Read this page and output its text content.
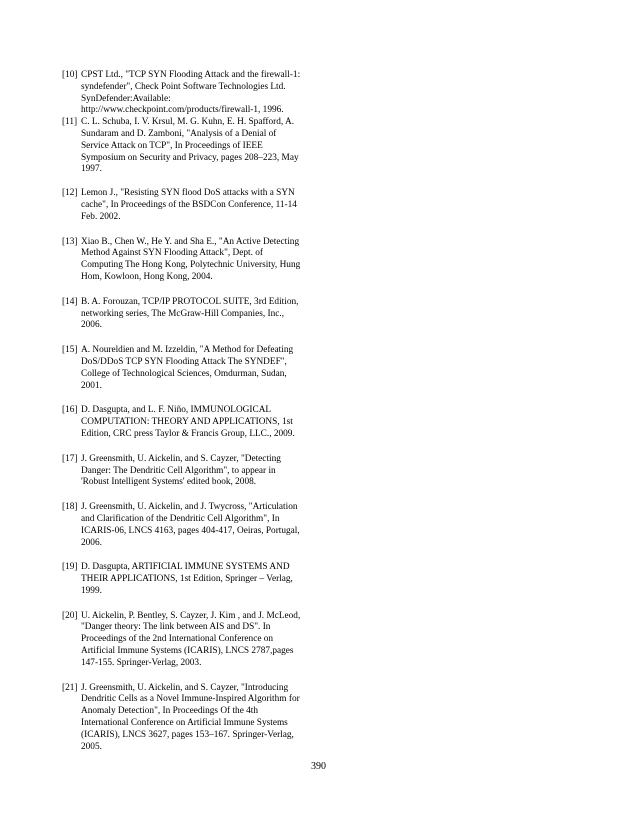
[10] CPST Ltd., "TCP SYN Flooding Attack and the firewall-1:
syndefender", Check Point Software Technologies Ltd.
SynDefender:Available:
http://www.checkpoint.com/products/firewall-1, 1996.
[11] C. L. Schuba, I. V. Krsul, M. G. Kuhn, E. H. Spafford, A.
Sundaram and D. Zamboni, "Analysis of a Denial of
Service Attack on TCP", In Proceedings of IEEE
Symposium on Security and Privacy, pages 208–223, May
1997.
[12] Lemon J., "Resisting SYN flood DoS attacks with a SYN
cache", In Proceedings of the BSDCon Conference, 11-14
Feb. 2002.
[13] Xiao B., Chen W., He Y. and Sha E., "An Active Detecting
Method Against SYN Flooding Attack", Dept. of
Computing The Hong Kong, Polytechnic University, Hung
Hom, Kowloon, Hong Kong, 2004.
[14] B. A. Forouzan, TCP/IP PROTOCOL SUITE, 3rd Edition,
networking series, The McGraw-Hill Companies, Inc.,
2006.
[15] A. Noureldien and M. Izzeldin, "A Method for Defeating
DoS/DDoS TCP SYN Flooding Attack The SYNDEF",
College of Technological Sciences, Omdurman, Sudan,
2001.
[16] D. Dasgupta, and L. F. Niño, IMMUNOLOGICAL
COMPUTATION: THEORY AND APPLICATIONS, 1st
Edition, CRC press Taylor & Francis Group, LLC., 2009.
[17] J. Greensmith, U. Aickelin, and S. Cayzer, "Detecting
Danger: The Dendritic Cell Algorithm", to appear in
'Robust Intelligent Systems' edited book, 2008.
[18] J. Greensmith, U. Aickelin, and J. Twycross, "Articulation
and Clarification of the Dendritic Cell Algorithm", In
ICARIS-06, LNCS 4163, pages 404-417, Oeiras, Portugal,
2006.
[19] D. Dasgupta, ARTIFICIAL IMMUNE SYSTEMS AND
THEIR APPLICATIONS, 1st Edition, Springer – Verlag,
1999.
[20] U. Aickelin, P. Bentley, S. Cayzer, J. Kim , and J. McLeod,
"Danger theory: The link between AIS and DS". In
Proceedings of the 2nd International Conference on
Artificial Immune Systems (ICARIS), LNCS 2787,pages
147-155. Springer-Verlag, 2003.
[21] J. Greensmith, U. Aickelin, and S. Cayzer, "Introducing
Dendritic Cells as a Novel Immune-Inspired Algorithm for
Anomaly Detection", In Proceedings Of the 4th
International Conference on Artificial Immune Systems
(ICARIS), LNCS 3627, pages 153–167. Springer-Verlag,
2005.
390
